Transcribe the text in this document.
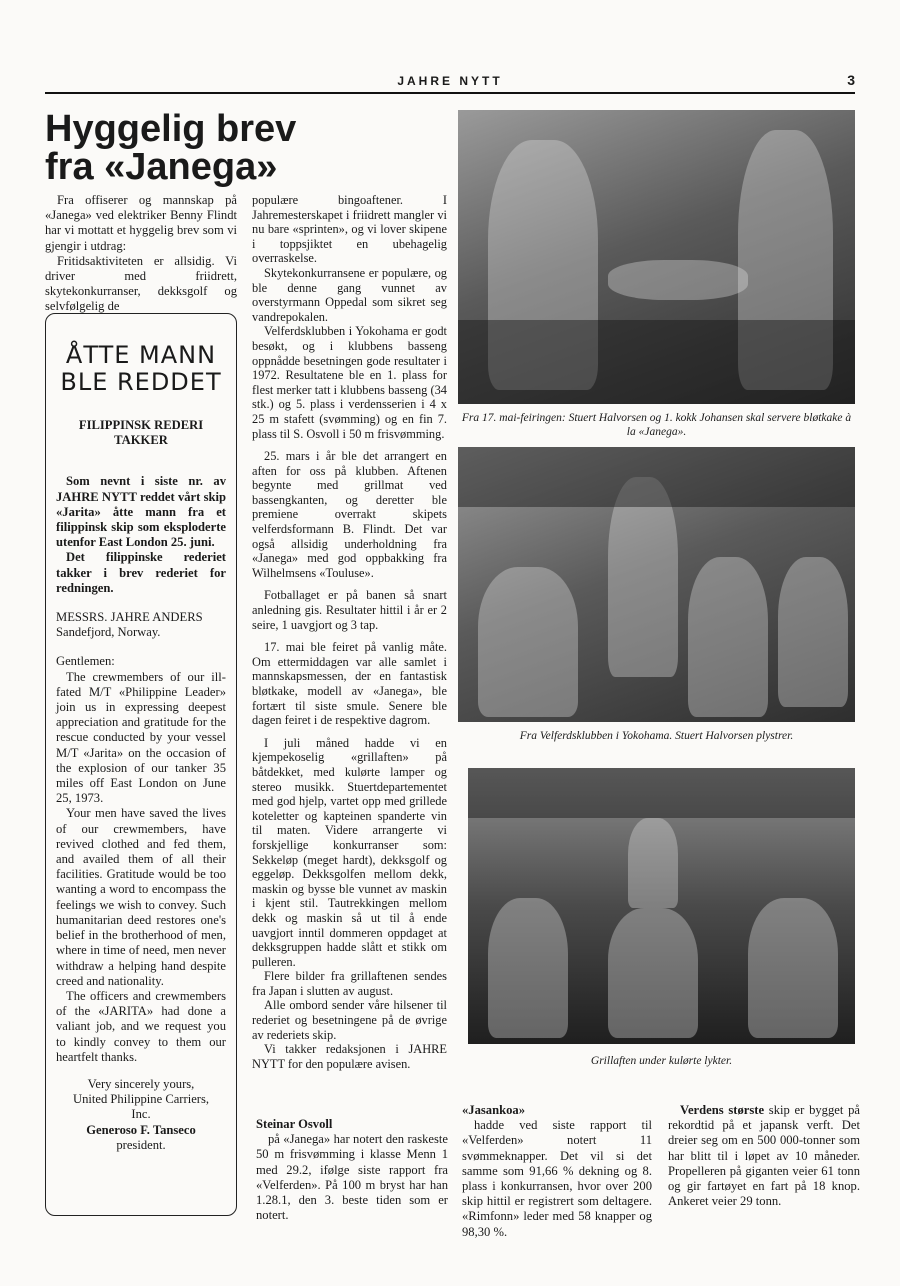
JAHRE NYTT	3
Hyggelig brev
fra «Janega»

Fra offiserer og mannskap på «Janega» ved elektriker Benny Flindt har vi mottatt et hyggelig brev som vi gjengir i utdrag:

Fritidsaktiviteten er allsidig. Vi driver med friidrett, skytekonkurranser, dekksgolf og selvfølgelig de

ÅTTE MANN BLE REDDET
FILIPPINSK REDERI TAKKER

Som nevnt i siste nr. av JAHRE NYTT reddet vårt skip «Jarita» åtte mann fra et filippinsk skip som eksploderte utenfor East London 25. juni.

Det filippinske rederiet takker i brev rederiet for redningen.

MESSRS. JAHRE ANDERS

Sandefjord, Norway.

Gentlemen:

The crewmembers of our ill-fated M/T «Philippine Leader» join us in expressing deepest appreciation and gratitude for the rescue conducted by your vessel M/T «Jarita» on the occasion of the explosion of our tanker 35 miles off East London on June 25, 1973.

Your men have saved the lives of our crewmembers, have revived clothed and fed them, and availed them of all their facilities. Gratitude would be too wanting a word to encompass the feelings we wish to convey. Such humanitarian deed restores one's belief in the brotherhood of men, where in time of need, men never withdraw a helping hand despite creed and nationality.

The officers and crewmembers of the «JARITA» had done a valiant job, and we request you to kindly convey to them our heartfelt thanks.

Very sincerely yours,
United Philippine Carriers,
Inc.
Generoso F. Tanseco
president.

populære bingoaftener. I Jahremesterskapet i friidrett mangler vi nu bare «sprinten», og vi lover skipene i toppsjiktet en ubehagelig overraskelse.

Skytekonkurransene er populære, og ble denne gang vunnet av overstyrmann Oppedal som sikret seg vandrepokalen.

Velferdsklubben i Yokohama er godt besøkt, og i klubbens basseng oppnådde besetningen gode resultater i 1972. Resultatene ble en 1. plass for flest merker tatt i klubbens basseng (34 stk.) og 5. plass i verdensserien i 4 x 25 m stafett (svømming) og en fin 7. plass til S. Osvoll i 50 m frisvømming.

25. mars i år ble det arrangert en aften for oss på klubben. Aftenen begynte med grillmat ved bassengkanten, og deretter ble premiene overrakt skipets velferdsformann B. Flindt. Det var også allsidig underholdning fra «Janega» med god oppbakking fra Wilhelmsens «Touluse».

Fotballaget er på banen så snart anledning gis. Resultater hittil i år er 2 seire, 1 uavgjort og 3 tap.

17. mai ble feiret på vanlig måte. Om ettermiddagen var alle samlet i mannskapsmessen, der en fantastisk bløtkake, modell av «Janega», ble fortært til siste smule. Senere ble dagen feiret i de respektive dagrom.

I juli måned hadde vi en kjempekoselig «grillaften» på båtdekket, med kulørte lamper og stereo musikk. Stuertdepartementet med god hjelp, vartet opp med grillede koteletter og kapteinen spanderte vin til maten. Videre arrangerte vi forskjellige konkurranser som: Sekkeløp (meget hardt), dekksgolf og eggeløp. Dekksgolfen mellom dekk, maskin og bysse ble vunnet av maskin i kjent stil. Tautrekkingen mellom dekk og maskin så ut til å ende uavgjort inntil dommeren oppdaget at dekksgruppen hadde slått et stikk om pulleren.

Flere bilder fra grillaftenen sendes fra Japan i slutten av august.

Alle ombord sender våre hilsener til rederiet og besetningene på de øvrige av rederiets skip.

Vi takker redaksjonen i JAHRE NYTT for den populære avisen.

Fra 17. mai-feiringen: Stuert Halvorsen og 1. kokk Johansen skal servere bløtkake à la «Janega».
Fra Velferdsklubben i Yokohama. Stuert Halvorsen plystrer.
Grillaften under kulørte lykter.

Steinar Osvoll

på «Janega» har notert den raskeste 50 m frisvømming i klasse Menn 1 med 29.2, ifølge siste rapport fra «Velferden». På 100 m bryst har han 1.28.1, den 3. beste tiden som er notert.

«Jasankoa»

hadde ved siste rapport til «Velferden» notert 11 svømmeknapper. Det vil si det samme som 91,66 % dekning og 8. plass i konkurransen, hvor over 200 skip hittil er registrert som deltagere. «Rimfonn» leder med 58 knapper og 98,30 %.

Verdens største skip er bygget på rekordtid på et japansk verft. Det dreier seg om en 500 000-tonner som har blitt til i løpet av 10 måneder. Propelleren på giganten veier 61 tonn og gir fartøyet en fart på 18 knop. Ankeret veier 29 tonn.
